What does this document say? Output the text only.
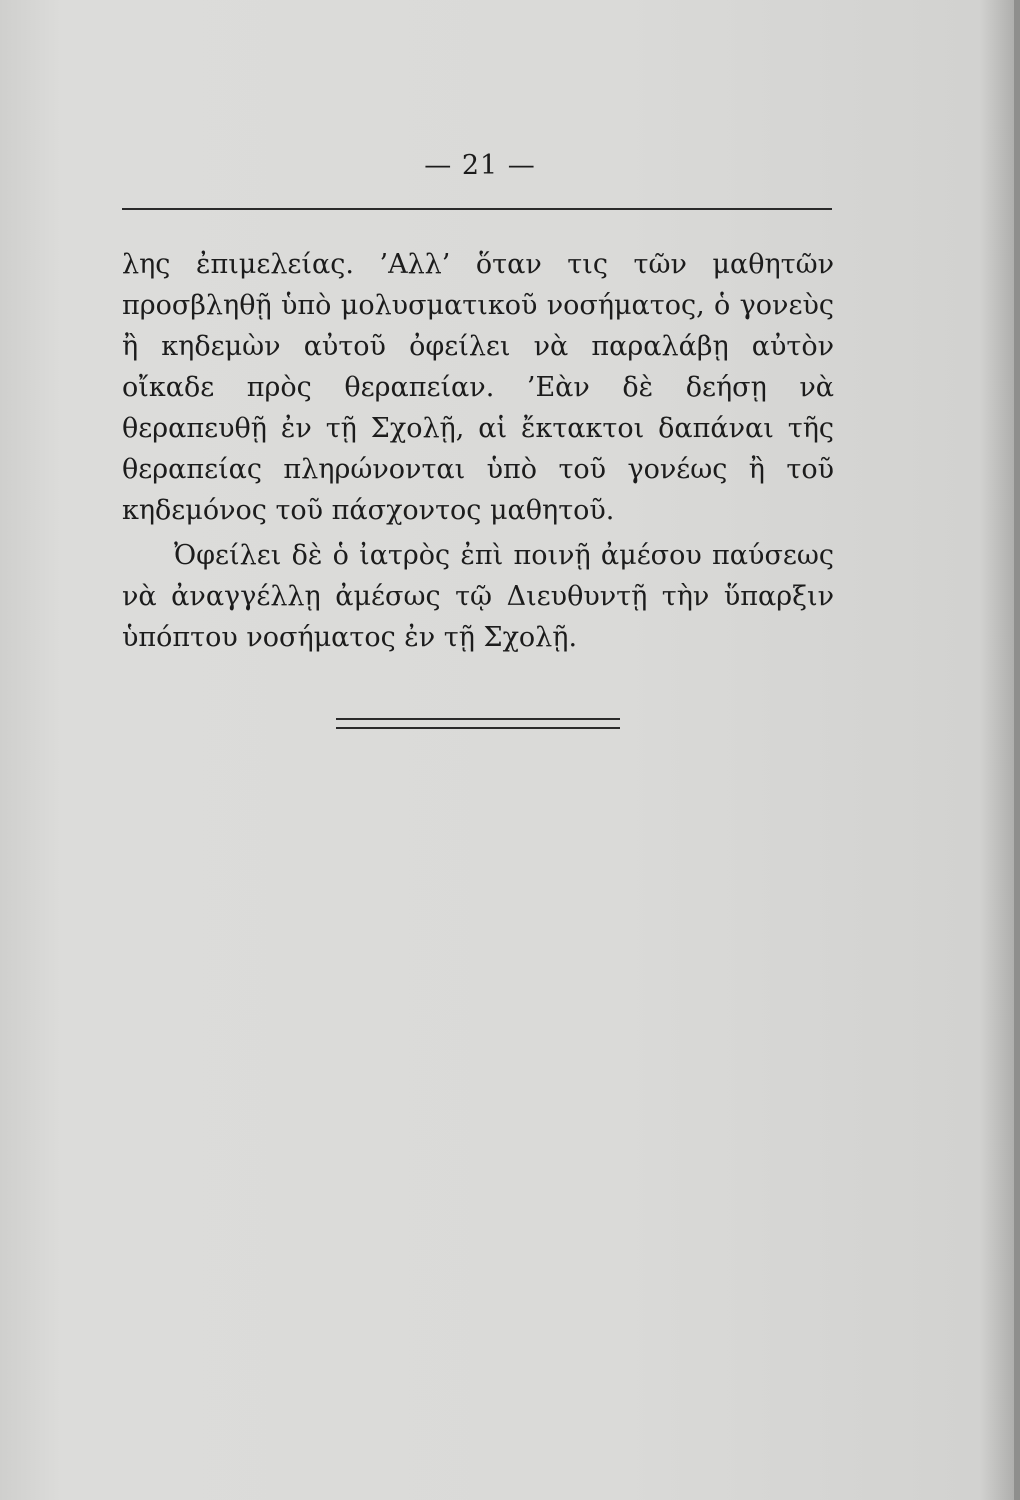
— 21 —

λης ἐπιμελείας. ’Αλλ’ ὅταν τις τῶν μαθητῶν προσβληθῇ ὑπὸ μολυσματικοῦ νοσήματος, ὁ γονεὺς ἢ κηδεμὼν αὐτοῦ ὀφείλει νὰ παραλάβῃ αὐτὸν οἴκαδε πρὸς θεραπείαν. ’Εὰν δὲ δεήσῃ νὰ θεραπευθῇ ἐν τῇ Σχολῇ, αἱ ἔκτακτοι δαπάναι τῆς θεραπείας πληρώνονται ὑπὸ τοῦ γονέως ἢ τοῦ κηδεμόνος τοῦ πάσχοντος μαθητοῦ.

Ὀφείλει δὲ ὁ ἰατρὸς ἐπὶ ποινῇ ἀμέσου παύσεως νὰ ἀναγγέλλῃ ἀμέσως τῷ Διευθυντῇ τὴν ὕπαρξιν ὑπόπτου νοσήματος ἐν τῇ Σχολῇ.
